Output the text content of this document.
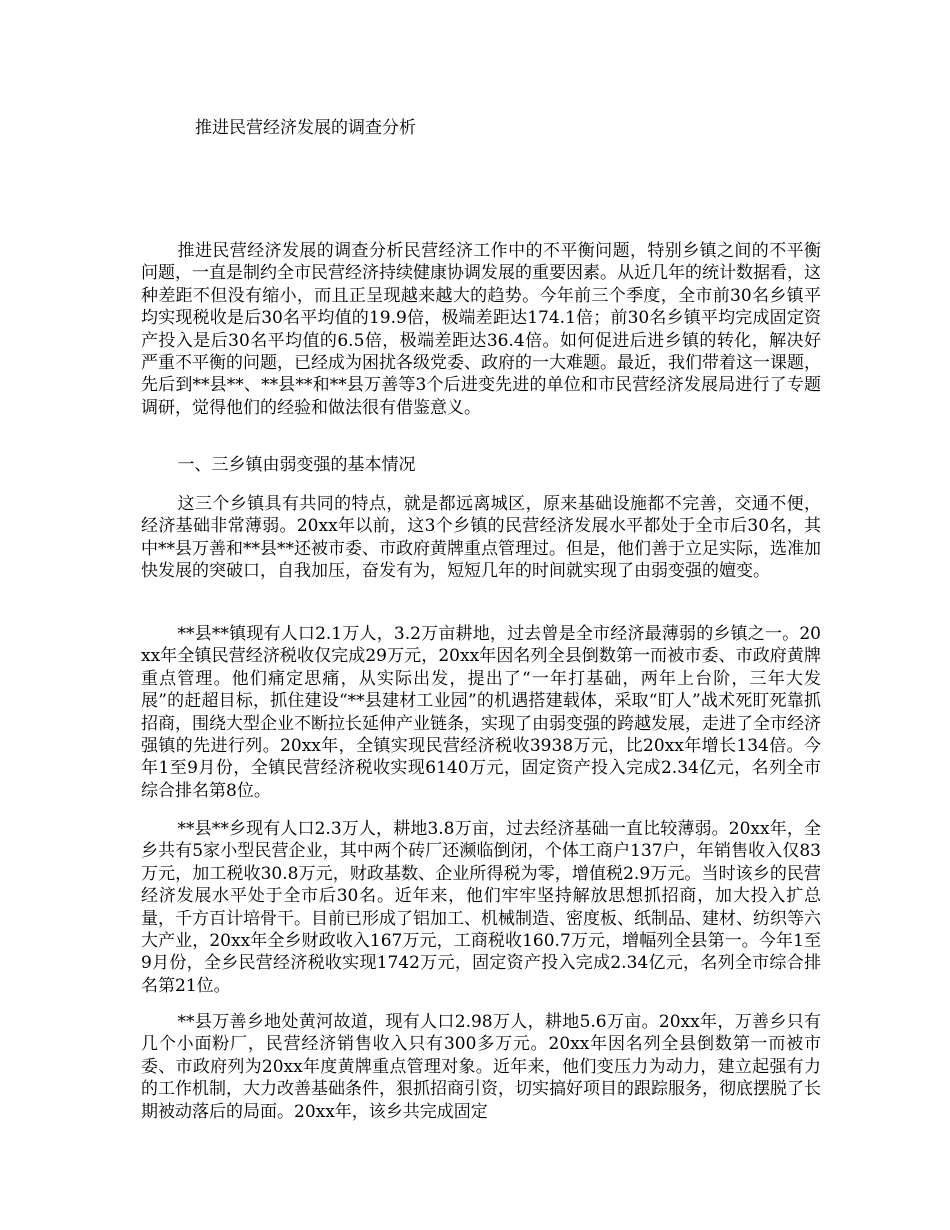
推进民营经济发展的调查分析

推进民营经济发展的调查分析民营经济工作中的不平衡问题，特别乡镇之间的不平衡问题，一直是制约全市民营经济持续健康协调发展的重要因素。从近几年的统计数据看，这种差距不但没有缩小，而且正呈现越来越大的趋势。今年前三个季度，全市前30名乡镇平均实现税收是后30名平均值的19.9倍，极端差距达174.1倍；前30名乡镇平均完成固定资产投入是后30名平均值的6.5倍，极端差距达36.4倍。如何促进后进乡镇的转化，解决好严重不平衡的问题，已经成为困扰各级党委、政府的一大难题。最近，我们带着这一课题，先后到**县**、**县**和**县万善等3个后进变先进的单位和市民营经济发展局进行了专题调研，觉得他们的经验和做法很有借鉴意义。

一、三乡镇由弱变强的基本情况

这三个乡镇具有共同的特点，就是都远离城区，原来基础设施都不完善，交通不便，经济基础非常薄弱。20xx年以前，这3个乡镇的民营经济发展水平都处于全市后30名，其中**县万善和**县**还被市委、市政府黄牌重点管理过。但是，他们善于立足实际，选准加快发展的突破口，自我加压，奋发有为，短短几年的时间就实现了由弱变强的嬗变。

**县**镇现有人口2.1万人，3.2万亩耕地，过去曾是全市经济最薄弱的乡镇之一。20xx年全镇民营经济税收仅完成29万元，20xx年因名列全县倒数第一而被市委、市政府黄牌重点管理。他们痛定思痛，从实际出发，提出了“一年打基础，两年上台阶，三年大发展”的赶超目标，抓住建设“**县建材工业园”的机遇搭建载体，采取“盯人”战术死盯死靠抓招商，围绕大型企业不断拉长延伸产业链条，实现了由弱变强的跨越发展，走进了全市经济强镇的先进行列。20xx年，全镇实现民营经济税收3938万元，比20xx年增长134倍。今年1至9月份，全镇民营经济税收实现6140万元，固定资产投入完成2.34亿元，名列全市综合排名第8位。

**县**乡现有人口2.3万人，耕地3.8万亩，过去经济基础一直比较薄弱。20xx年，全乡共有5家小型民营企业，其中两个砖厂还濒临倒闭，个体工商户137户，年销售收入仅83万元，加工税收30.8万元，财政基数、企业所得税为零，增值税2.9万元。当时该乡的民营经济发展水平处于全市后30名。近年来，他们牢牢坚持解放思想抓招商，加大投入扩总量，千方百计培骨干。目前已形成了铝加工、机械制造、密度板、纸制品、建材、纺织等六大产业，20xx年全乡财政收入167万元，工商税收160.7万元，增幅列全县第一。今年1至9月份，全乡民营经济税收实现1742万元，固定资产投入完成2.34亿元，名列全市综合排名第21位。

**县万善乡地处黄河故道，现有人口2.98万人，耕地5.6万亩。20xx年，万善乡只有几个小面粉厂，民营经济销售收入只有300多万元。20xx年因名列全县倒数第一而被市委、市政府列为20xx年度黄牌重点管理对象。近年来，他们变压力为动力，建立起强有力的工作机制，大力改善基础条件，狠抓招商引资，切实搞好项目的跟踪服务，彻底摆脱了长期被动落后的局面。20xx年，该乡共完成固定
